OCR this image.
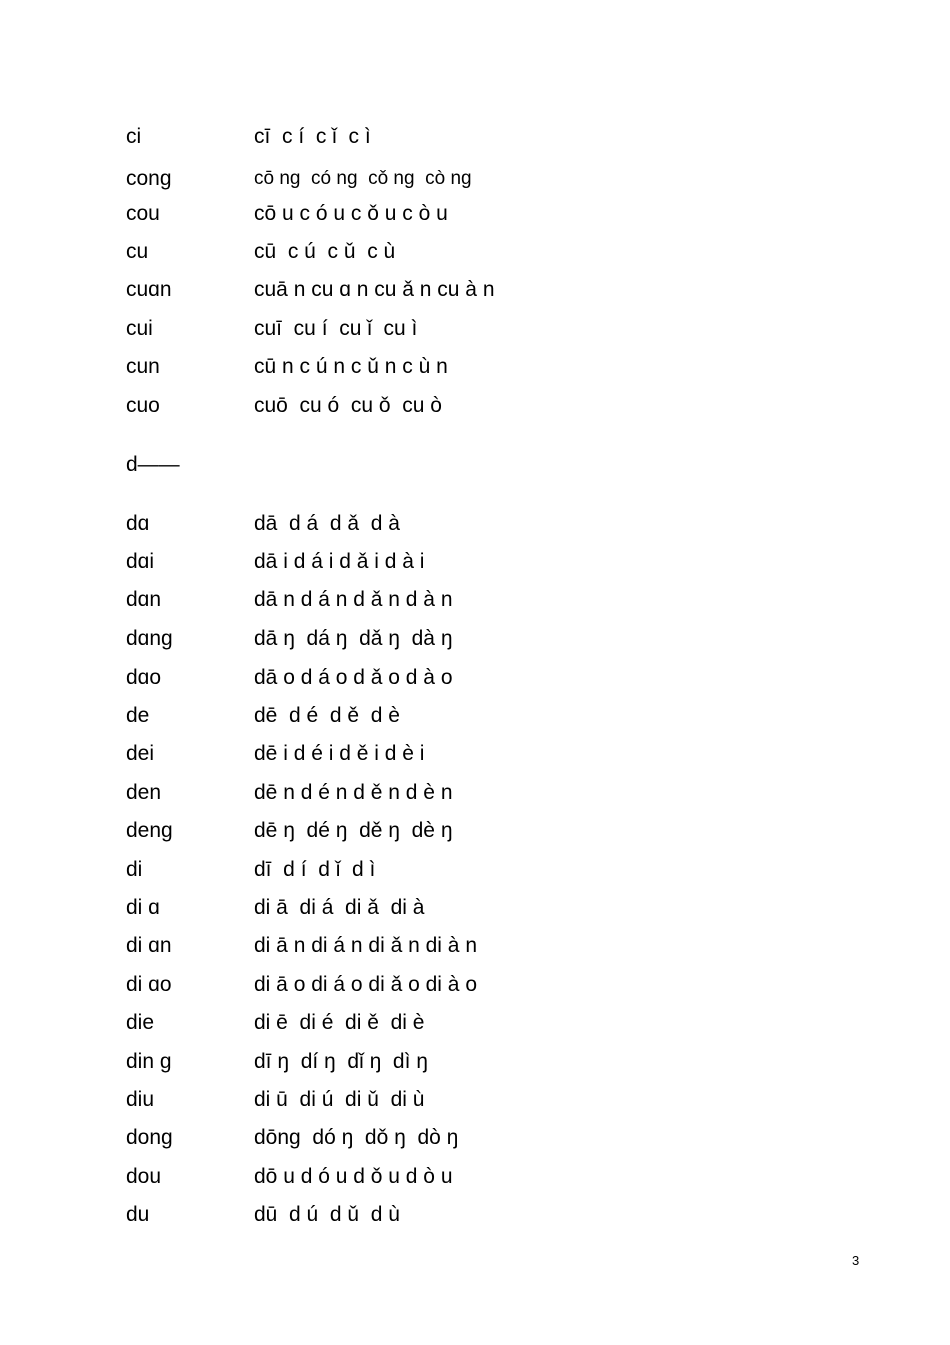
ci	cī  c í  c ǐ  c ì
cong	cō ng  có ng  cǒ ng  cò ng
cou	cō u c ó u c ǒ u c ò u
cu	cū  c ú  c ǔ  c ù
cuɑn	cuā n cu ɑ n cu ǎ n cu à n
cui	cuī  cu í  cu ǐ  cu ì
cun	cū n c ú n c ǔ n c ù n
cuo	cuō  cu ó  cu ǒ  cu ò
d——
dɑ	dā  d á  d ǎ  d à
dɑi	dā i d á i d ǎ i d à i
dɑn	dā n d á n d ǎ n d à n
dɑng	dā ŋ  dá ŋ  dǎ ŋ  dà ŋ
dɑo	dā o d á o d ǎ o d à o
de	dē  d é  d ě  d è
dei	dē i d é i d ě i d è i
den	dē n d é n d ě n d è n
deng	dē ŋ  dé ŋ  dě ŋ  dè ŋ
di	dī  d í  d ǐ  d ì
di ɑ	di ā  di á  di ǎ  di à
di ɑn	di ā n di á n di ǎ n di à n
di ɑo	di ā o di á o di ǎ o di à o
die	di ē  di é  di ě  di è
din g	dī ŋ  dí ŋ  dǐ ŋ  dì ŋ
diu	di ū  di ú  di ǔ  di ù
dong	dōng  dó ŋ  dǒ ŋ  dò ŋ
dou	dō u d ó u d ǒ u d ò u
du	dū  d ú  d ǔ  d ù
3
